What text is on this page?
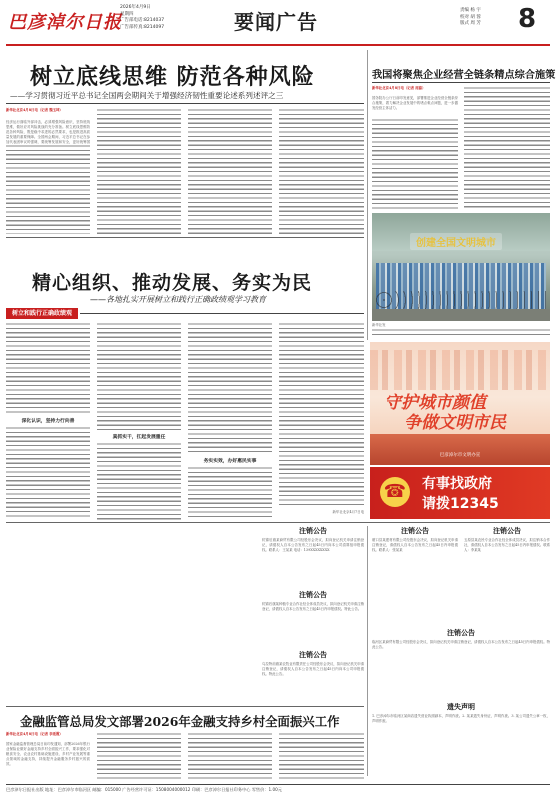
巴彦淖尔日报
2026年4月9日
星期四
广告部电话:8214037
广告部传真:8214097	要闻广告	责编 杨 宇
校对 胡 蓉
版式 周 芳 8
树立底线思维 防范各种风险
——学习贯彻习近平总书记全国两会期间关于增强经济韧性重要论述系列述评之三
新华社北京4月8日电（记者 魏玉坤）
经济运行面临外部冲击，必须增强风险意识，坚持底线思维，做好应对风险挑战的充分准备。树立底线思维防范各种风险，既是稳中求进的必然要求，也是推进高质量发展的重要保障。全国两会期间，习近平总书记在参加代表团审议时强调，要统筹发展和安全，更好统筹国
我国将聚焦企业经营全链条精点综合施策
新华社北京4月8日电（记者 周蕊）
国务院办公厅日前印发意见，部署推进企业经营全链条综合施策，着力解决企业发展中的堵点难点问题，进一步激发经营主体活力。
创建全国文明城市
新华社发
精心组织、推动发展、务实为民
——各地扎实开展树立和践行正确政绩观学习教育
树立和践行正确政绩观
深化认识，坚持力行向善
真抓实干，扛起发展重任
务实实效，办好惠民实事
新华社北京4月7日电
守护城市颜值
争做文明市民
巴彦淖尔市文明办宣
☎ 有事找政府
请拨12345
注销公告
杭锦后旗某商贸有限公司经股东会决议，拟向登记机关申请注销登记，请债权人自本公告发布之日起45日内向本公司清算组申报债权。联系人：王某某 电话：139XXXXXXXX
注销公告
杭锦后旗某种植专业合作社经全体成员决议，拟向登记机关申请注销登记，请债权人自本公告发布之日起45日内申报债权。特此公告。
注销公告
乌拉特前旗某农牧业有限责任公司经股东会决议，拟向登记机关申请注销登记，请债权人自本公告发布之日起45日内向本公司申报债权。特此公告。
注销公告
磴口县某建材有限公司经股东会决议，拟向登记机关申请注销登记，请债权人自本公告发布之日起45日内申报债权。联系人：张某某
注销公告
五原县某农民专业合作社经全体成员决议，拟注销本合作社，请债权人自本公告发布之日起45日内申报债权。联系人：李某某
注销公告
临河区某商贸有限公司经股东会决议，拟向登记机关申请注销登记，请债权人自本公告发布之日起45日内申报债权。特此公告。
遗失声明
1. 巴彦淖尔市临河区某商店遗失营业执照副本，声明作废。2. 某某遗失身份证，声明作废。3. 某公司遗失公章一枚，声明作废。
金融监管总局发文部署2026年金融支持乡村全面振兴工作
新华社北京4月8日电（记者 李延霞）
国家金融监督管理总局日前印发通知，部署2026年银行业保险业做好金融支持乡村全面振兴工作，要求强化对粮食安全、农业农村基础设施建设、乡村产业发展等重点领域的金融支持，持续提升金融服务乡村振兴的质效。
巴彦淖尔日报社出版 地址：巴彦淖尔市临河区 邮编：015000 广告经营许可证：1508004000012 印刷：巴彦淖尔日报社印务中心 零售价：1.00元
